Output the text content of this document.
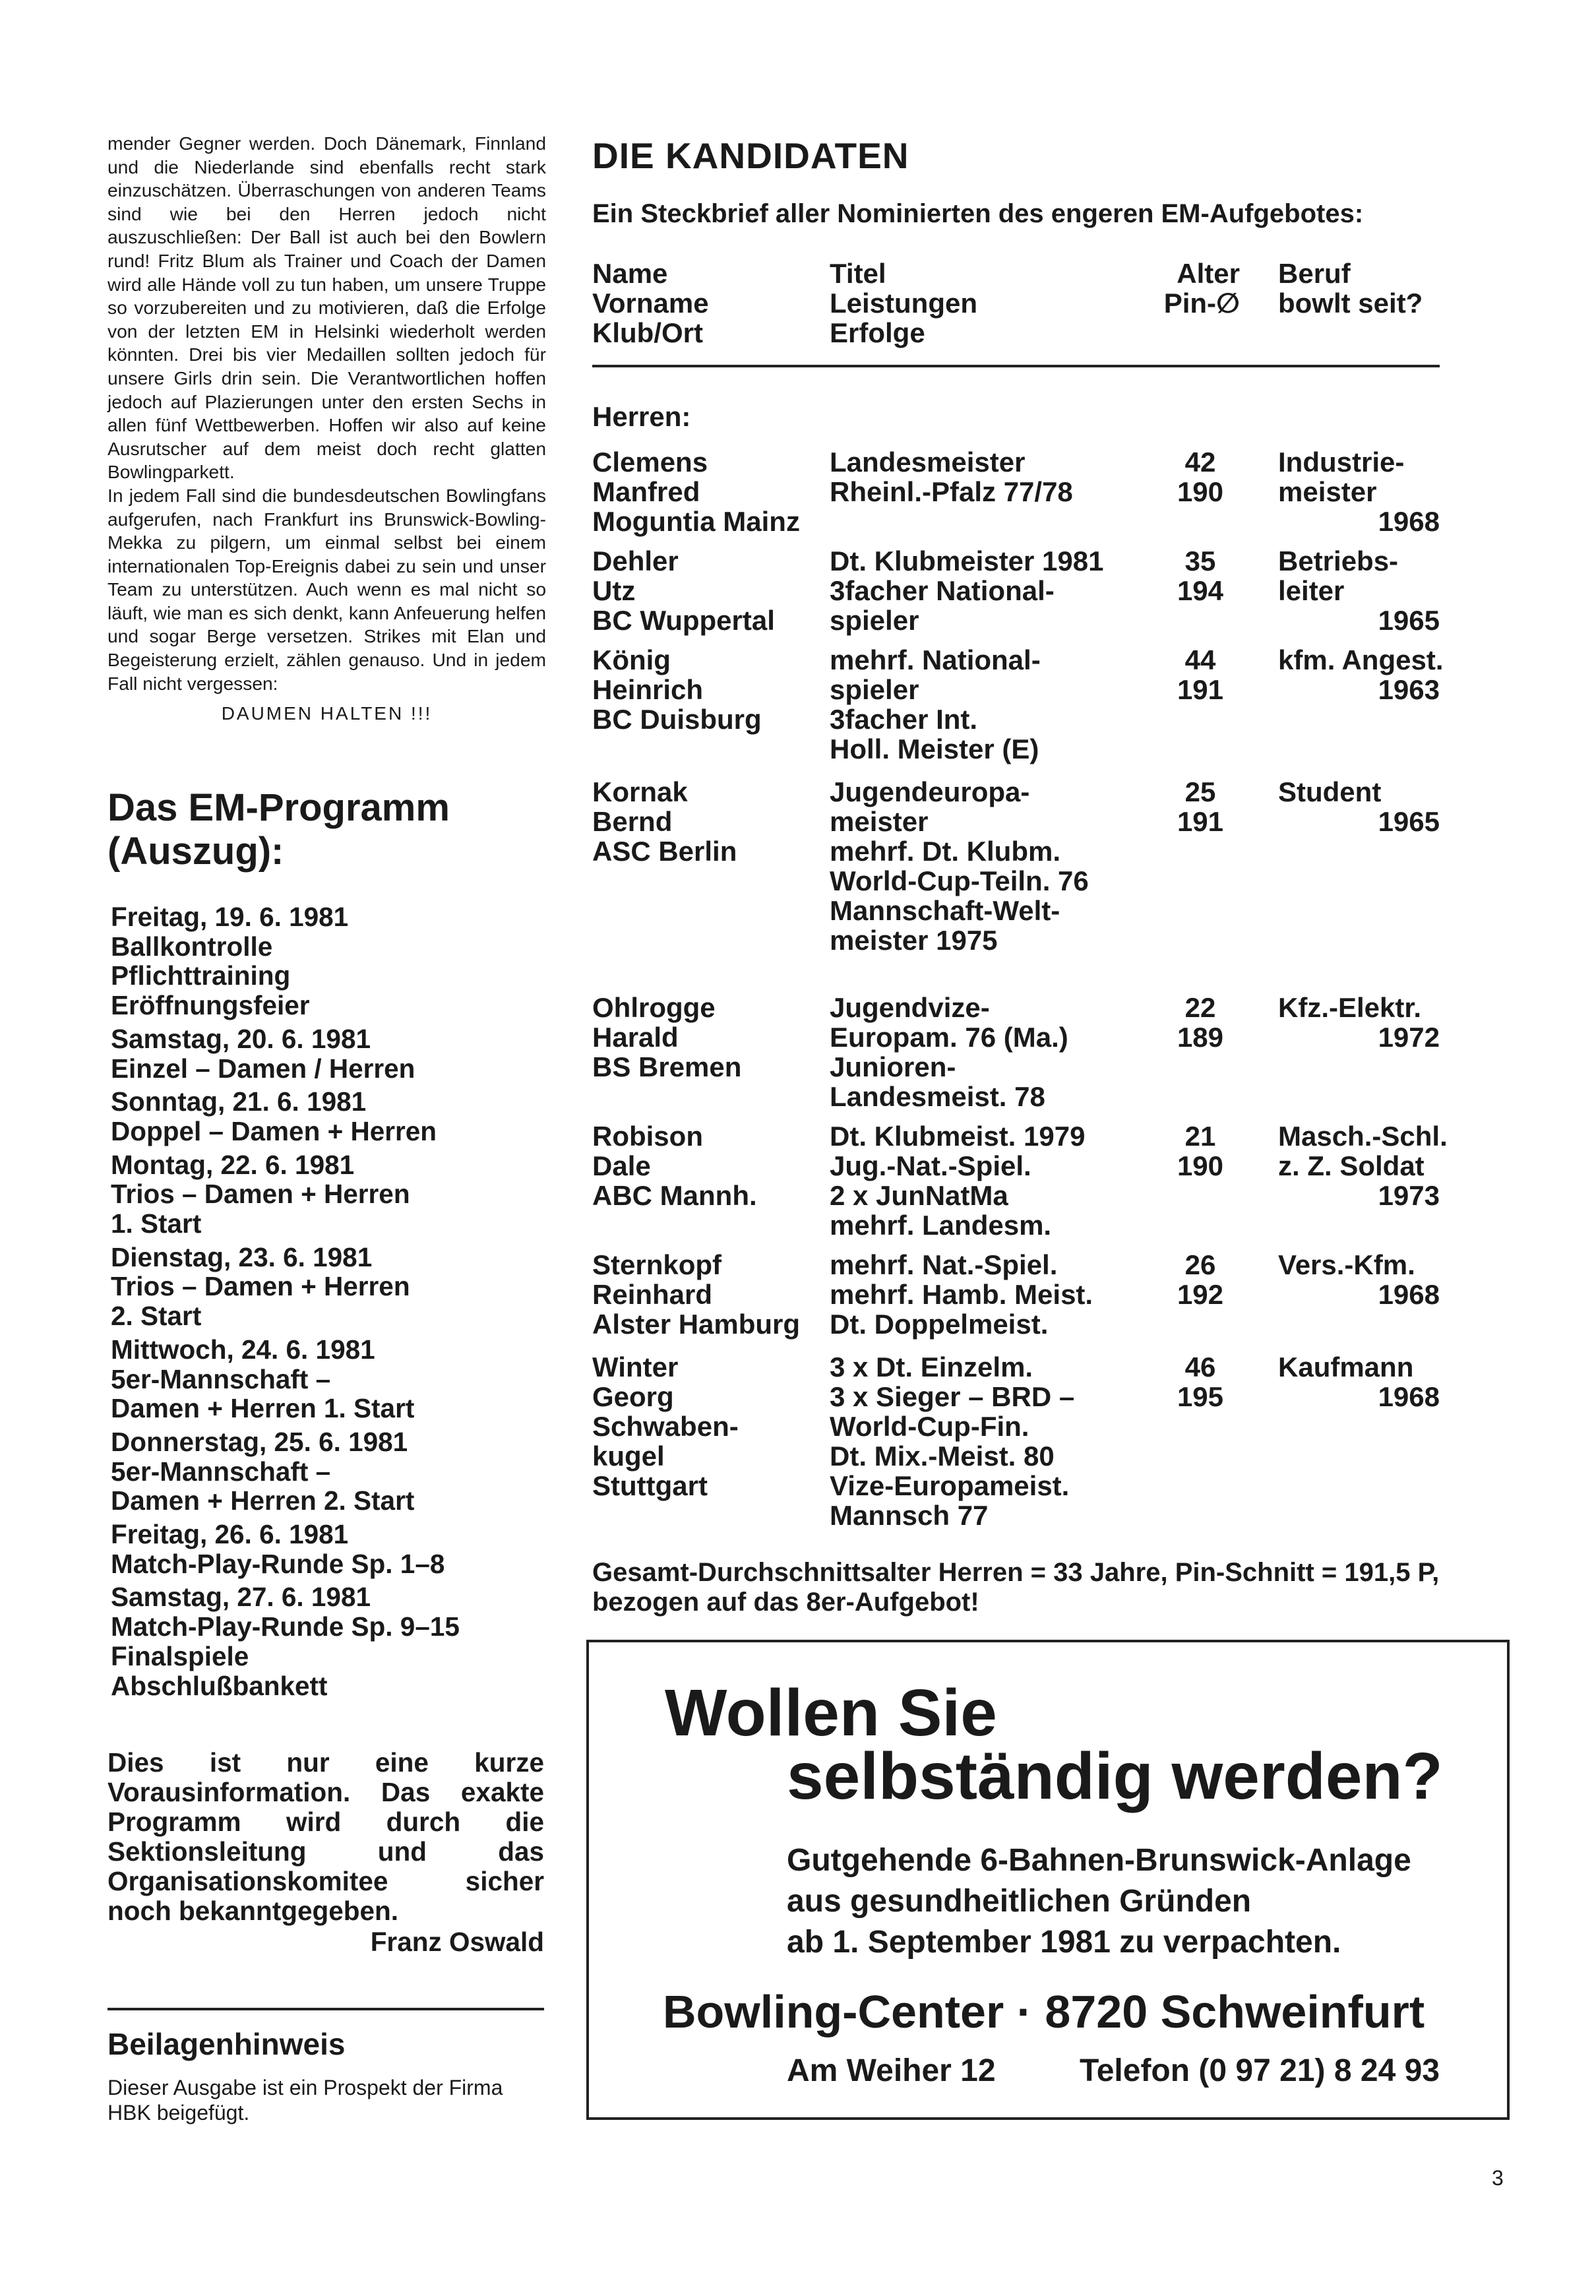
mender Gegner werden. Doch Dänemark, Finnland und die Niederlande sind ebenfalls recht stark einzuschätzen. Überraschungen von anderen Teams sind wie bei den Herren jedoch nicht auszuschließen: Der Ball ist auch bei den Bowlern rund! Fritz Blum als Trainer und Coach der Damen wird alle Hände voll zu tun haben, um unsere Truppe so vorzubereiten und zu motivieren, daß die Erfolge von der letzten EM in Helsinki wiederholt werden könnten. Drei bis vier Medaillen sollten jedoch für unsere Girls drin sein. Die Verantwortlichen hoffen jedoch auf Plazierungen unter den ersten Sechs in allen fünf Wettbewerben. Hoffen wir also auf keine Ausrutscher auf dem meist doch recht glatten Bowlingparkett.

In jedem Fall sind die bundesdeutschen Bowlingfans aufgerufen, nach Frankfurt ins Brunswick-Bowling-Mekka zu pilgern, um einmal selbst bei einem internationalen Top-Ereignis dabei zu sein und unser Team zu unterstützen. Auch wenn es mal nicht so läuft, wie man es sich denkt, kann Anfeuerung helfen und sogar Berge versetzen. Strikes mit Elan und Begeisterung erzielt, zählen genauso. Und in jedem Fall nicht vergessen:

DAUMEN HALTEN !!!
Das EM-Programm
(Auszug):
Freitag, 19. 6. 1981
Ballkontrolle
Pflichttraining
Eröffnungsfeier
Samstag, 20. 6. 1981
Einzel – Damen / Herren
Sonntag, 21. 6. 1981
Doppel – Damen + Herren
Montag, 22. 6. 1981
Trios – Damen + Herren
1. Start
Dienstag, 23. 6. 1981
Trios – Damen + Herren
2. Start
Mittwoch, 24. 6. 1981
5er-Mannschaft –
Damen + Herren 1. Start
Donnerstag, 25. 6. 1981
5er-Mannschaft –
Damen + Herren 2. Start
Freitag, 26. 6. 1981
Match-Play-Runde Sp. 1–8
Samstag, 27. 6. 1981
Match-Play-Runde Sp. 9–15
Finalspiele
Abschlußbankett

Dies ist nur eine kurze Vorausinformation. Das exakte Programm wird durch die Sektionsleitung und das Organisationskomitee sicher noch bekanntgegeben.

Franz Oswald
Beilagenhinweis
Dieser Ausgabe ist ein Prospekt der Firma HBK beigefügt.
DIE KANDIDATEN
Ein Steckbrief aller Nominierten des engeren EM-Aufgebotes:
Name
Vorname
Klub/Ort
Titel
Leistungen
Erfolge
Alter
Pin-∅
Beruf
bowlt seit?
Herren:
Clemens
Manfred
Moguntia Mainz
Landesmeister
Rheinl.-Pfalz 77/78
42
190
Industrie-
meister
1968
Dehler
Utz
BC Wuppertal
Dt. Klubmeister 1981
3facher National-
spieler
35
194
Betriebs-
leiter
1965
König
Heinrich
BC Duisburg
mehrf. National-
spieler
3facher Int.
Holl. Meister (E)
44
191
kfm. Angest.
1963
Kornak
Bernd
ASC Berlin
Jugendeuropa-
meister
mehrf. Dt. Klubm.
World-Cup-Teiln. 76
Mannschaft-Welt-
meister 1975
25
191
Student
1965
Ohlrogge
Harald
BS Bremen
Jugendvize-
Europam. 76 (Ma.)
Junioren-
Landesmeist. 78
22
189
Kfz.-Elektr.
1972
Robison
Dale
ABC Mannh.
Dt. Klubmeist. 1979
Jug.-Nat.-Spiel.
2 x JunNatMa
mehrf. Landesm.
21
190
Masch.-Schl.
z. Z. Soldat
1973
Sternkopf
Reinhard
Alster Hamburg
mehrf. Nat.-Spiel.
mehrf. Hamb. Meist.
Dt. Doppelmeist.
26
192
Vers.-Kfm.
1968
Winter
Georg
Schwaben-
kugel
Stuttgart
3 x Dt. Einzelm.
3 x Sieger – BRD –
World-Cup-Fin.
Dt. Mix.-Meist. 80
Vize-Europameist.
Mannsch 77
46
195
Kaufmann
1968
Gesamt-Durchschnittsalter Herren = 33 Jahre, Pin-Schnitt = 191,5 P, bezogen auf das 8er-Aufgebot!
Wollen Sie
selbständig werden?
Gutgehende 6-Bahnen-Brunswick-Anlage
aus gesundheitlichen Gründen
ab 1. September 1981 zu verpachten.
Bowling-Center · 8720 Schweinfurt
Am Weiher 12	Telefon (0 97 21) 8 24 93
3
